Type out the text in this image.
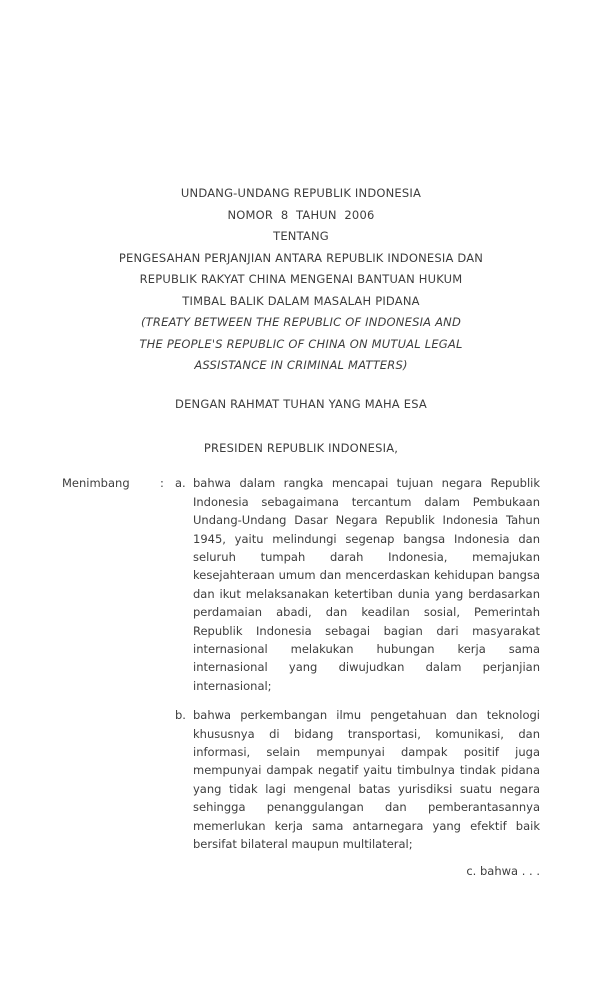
UNDANG-UNDANG REPUBLIK INDONESIA
NOMOR  8  TAHUN  2006
TENTANG
PENGESAHAN PERJANJIAN ANTARA REPUBLIK INDONESIA DAN
REPUBLIK RAKYAT CHINA MENGENAI BANTUAN HUKUM
TIMBAL BALIK DALAM MASALAH PIDANA
(TREATY BETWEEN THE REPUBLIC OF INDONESIA AND
THE PEOPLE'S REPUBLIC OF CHINA ON MUTUAL LEGAL
ASSISTANCE IN CRIMINAL MATTERS)
DENGAN RAHMAT TUHAN YANG MAHA ESA
PRESIDEN REPUBLIK INDONESIA,
Menimbang	: a. bahwa dalam rangka mencapai tujuan negara Republik Indonesia sebagaimana tercantum dalam Pembukaan Undang-Undang Dasar Negara Republik Indonesia Tahun 1945, yaitu melindungi segenap bangsa Indonesia dan seluruh tumpah darah Indonesia, memajukan kesejahteraan umum dan mencerdaskan kehidupan bangsa dan ikut melaksanakan ketertiban dunia yang berdasarkan perdamaian abadi, dan keadilan sosial, Pemerintah Republik Indonesia sebagai bagian dari masyarakat internasional melakukan hubungan kerja sama internasional yang diwujudkan dalam perjanjian internasional;
b. bahwa perkembangan ilmu pengetahuan dan teknologi khususnya di bidang transportasi, komunikasi, dan informasi, selain mempunyai dampak positif juga mempunyai dampak negatif yaitu timbulnya tindak pidana yang tidak lagi mengenal batas yurisdiksi suatu negara sehingga penanggulangan dan pemberantasannya memerlukan kerja sama antarnegara yang efektif baik bersifat bilateral maupun multilateral;
c. bahwa . . .
